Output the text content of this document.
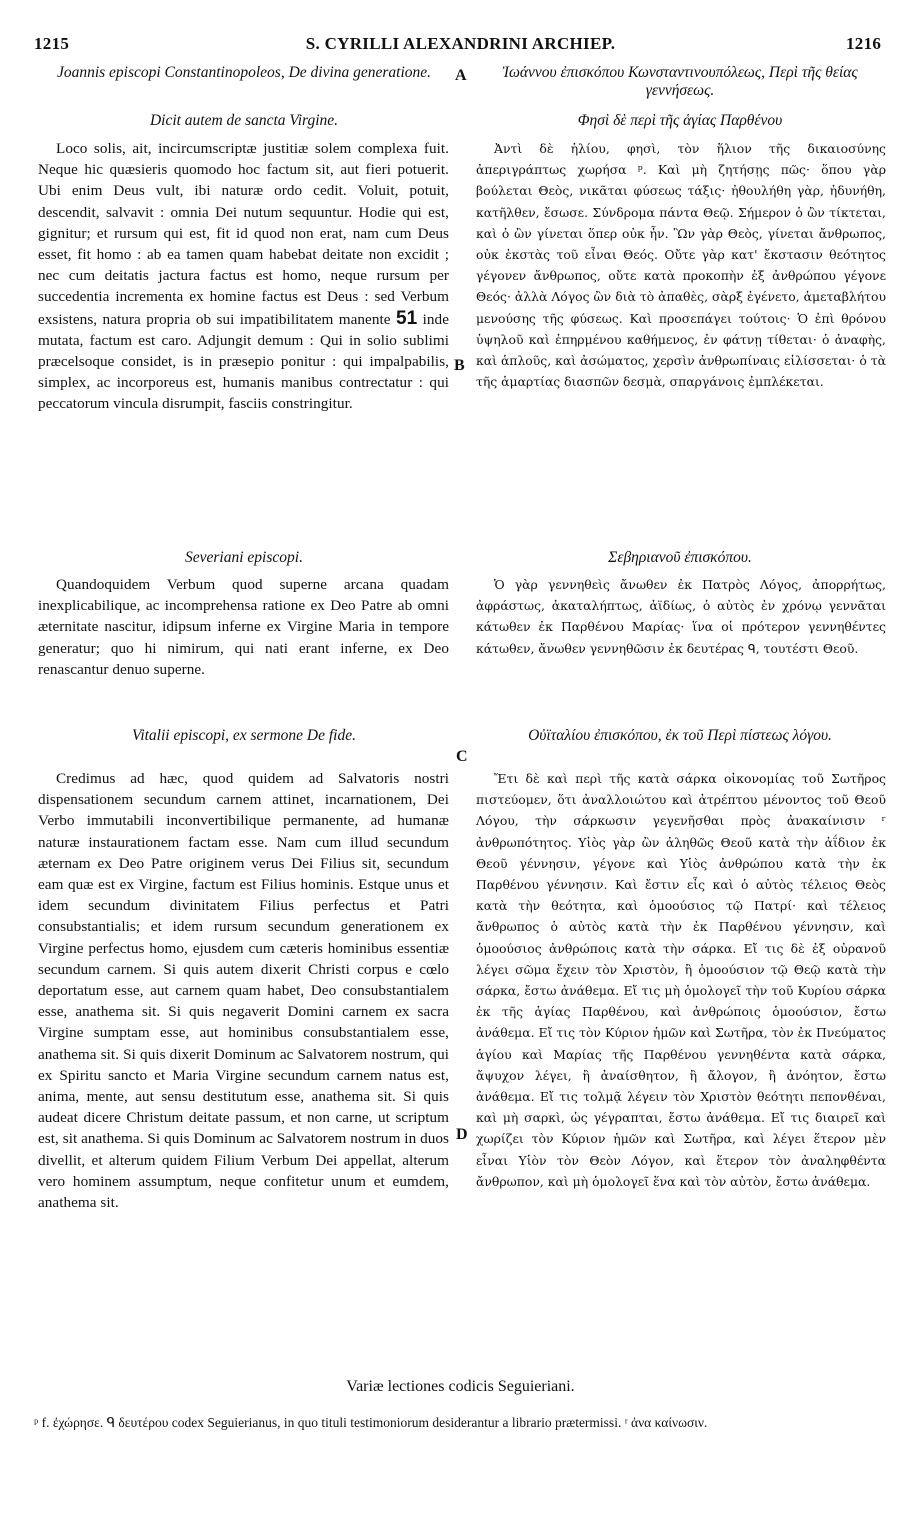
1215	S. CYRILLI ALEXANDRINI ARCHIEP.	1216
A
B
C
D
Joannis episcopi Constantinopoleos, De divina generatione.
Dicit autem de sancta Virgine.

Loco solis, ait, incircumscriptæ justitiæ solem complexa fuit. Neque hic quæsieris quomodo hoc factum sit, aut fieri potuerit. Ubi enim Deus vult, ibi naturæ ordo cedit. Voluit, potuit, descendit, salvavit : omnia Dei nutum sequuntur. Hodie qui est, gignitur; et rursum qui est, fit id quod non erat, nam cum Deus esset, fit homo : ab ea tamen quam habebat deitate non excidit ; nec cum deitatis jactura factus est homo, neque rursum per succedentia incrementa ex homine factus est Deus : sed Verbum exsistens, natura propria ob sui impatibilitatem manente 51 inde mutata, factum est caro. Adjungit demum : Qui in solio sublimi præcelsoque considet, is in præsepio ponitur : qui impalpabilis, simplex, ac incorporeus est, humanis manibus contrectatur : qui peccatorum vincula disrumpit, fasciis constringitur.

Severiani episcopi.

Quandoquidem Verbum quod superne arcana quadam inexplicabilique, ac incomprehensa ratione ex Deo Patre ab omni æternitate nascitur, idipsum inferne ex Virgine Maria in tempore generatur; quo hi nimirum, qui nati erant inferne, ex Deo renascantur denuo superne.

Vitalii episcopi, ex sermone De fide.

Credimus ad hæc, quod quidem ad Salvatoris nostri dispensationem secundum carnem attinet, incarnationem, Dei Verbo immutabili inconvertibilique permanente, ad humanæ naturæ instaurationem factam esse. Nam cum illud secundum æternam ex Deo Patre originem verus Dei Filius sit, secundum eam quæ est ex Virgine, factum est Filius hominis. Estque unus et idem secundum divinitatem Filius perfectus et Patri consubstantialis; et idem rursum secundum generationem ex Virgine perfectus homo, ejusdem cum cæteris hominibus essentiæ secundum carnem. Si quis autem dixerit Christi corpus e cœlo deportatum esse, aut carnem quam habet, Deo consubstantialem esse, anathema sit. Si quis negaverit Domini carnem ex sacra Virgine sumptam esse, aut hominibus consubstantialem esse, anathema sit. Si quis dixerit Dominum ac Salvatorem nostrum, qui ex Spiritu sancto et Maria Virgine secundum carnem natus est, anima, mente, aut sensu destitutum esse, anathema sit. Si quis audeat dicere Christum deitate passum, et non carne, ut scriptum est, sit anathema. Si quis Dominum ac Salvatorem nostrum in duos divellit, et alterum quidem Filium Verbum Dei appellat, alterum vero hominem assumptum, neque confitetur unum et eumdem, anathema sit.

Ἰωάννου ἐπισκόπου Κωνσταντινουπόλεως, Περὶ τῆς θείας γεννήσεως.
Φησὶ δὲ περὶ τῆς ἁγίας Παρθένου

Ἀντὶ δὲ ἡλίου, φησὶ, τὸν ἥλιον τῆς δικαιοσύνης ἀπεριγράπτως χωρήσα ᵖ. Καὶ μὴ ζητήσῃς πῶς· ὅπου γὰρ βούλεται Θεὸς, νικᾶται φύσεως τάξις· ἠθουλήθη γὰρ, ἠδυνήθη, κατῆλθεν, ἔσωσε. Σύνδρομα πάντα Θεῷ. Σήμερον ὁ ὢν τίκτεται, καὶ ὁ ὢν γίνεται ὅπερ οὐκ ἦν. Ὢν γὰρ Θεὸς, γίνεται ἄνθρωπος, οὐκ ἐκστὰς τοῦ εἶναι Θεός. Οὔτε γὰρ κατ' ἔκστασιν θεότητος γέγονεν ἄνθρωπος, οὔτε κατὰ προκοπὴν ἐξ ἀνθρώπου γέγονε Θεός· ἀλλὰ Λόγος ὢν διὰ τὸ ἀπαθὲς, σὰρξ ἐγένετο, ἀμεταβλήτου μενούσης τῆς φύσεως. Καὶ προσεπάγει τούτοις· Ὁ ἐπὶ θρόνου ὑψηλοῦ καὶ ἐπηρμένου καθήμενος, ἐν φάτνῃ τίθεται· ὁ ἀναφὴς, καὶ ἁπλοῦς, καὶ ἀσώματος, χερσὶν ἀνθρωπίναις εἱλίσσεται· ὁ τὰ τῆς ἁμαρτίας διασπῶν δεσμὰ, σπαργάνοις ἐμπλέκεται.

Σεβηριανοῦ ἐπισκόπου.

Ὁ γὰρ γεννηθεὶς ἄνωθεν ἐκ Πατρὸς Λόγος, ἀπορρήτως, ἀφράστως, ἀκαταλήπτως, ἀϊδίως, ὁ αὐτὸς ἐν χρόνῳ γεννᾶται κάτωθεν ἐκ Παρθένου Μαρίας· ἵνα οἱ πρότερον γεννηθέντες κάτωθεν, ἄνωθεν γεννηθῶσιν ἐκ δευτέρας ᑫ, τουτέστι Θεοῦ.

Οὐϊταλίου ἐπισκόπου, ἐκ τοῦ Περὶ πίστεως λόγου.

Ἔτι δὲ καὶ περὶ τῆς κατὰ σάρκα οἰκονομίας τοῦ Σωτῆρος πιστεύομεν, ὅτι ἀναλλοιώτου καὶ ἀτρέπτου μένοντος τοῦ Θεοῦ Λόγου, τὴν σάρκωσιν γεγενῆσθαι πρὸς ἀνακαίνισιν ʳ ἀνθρωπότητος. Υἱὸς γὰρ ὢν ἀληθῶς Θεοῦ κατὰ τὴν ἀΐδιον ἐκ Θεοῦ γέννησιν, γέγονε καὶ Υἱὸς ἀνθρώπου κατὰ τὴν ἐκ Παρθένου γέννησιν. Καὶ ἔστιν εἷς καὶ ὁ αὐτὸς τέλειος Θεὸς κατὰ τὴν θεότητα, καὶ ὁμοούσιος τῷ Πατρί· καὶ τέλειος ἄνθρωπος ὁ αὐτὸς κατὰ τὴν ἐκ Παρθένου γέννησιν, καὶ ὁμοούσιος ἀνθρώποις κατὰ τὴν σάρκα. Εἴ τις δὲ ἐξ οὐρανοῦ λέγει σῶμα ἔχειν τὸν Χριστὸν, ἢ ὁμοούσιον τῷ Θεῷ κατὰ τὴν σάρκα, ἔστω ἀνάθεμα. Εἴ τις μὴ ὁμολογεῖ τὴν τοῦ Κυρίου σάρκα ἐκ τῆς ἁγίας Παρθένου, καὶ ἀνθρώποις ὁμοούσιον, ἔστω ἀνάθεμα. Εἴ τις τὸν Κύριον ἡμῶν καὶ Σωτῆρα, τὸν ἐκ Πνεύματος ἁγίου καὶ Μαρίας τῆς Παρθένου γεννηθέντα κατὰ σάρκα, ἄψυχον λέγει, ἢ ἀναίσθητον, ἢ ἄλογον, ἢ ἀνόητον, ἔστω ἀνάθεμα. Εἴ τις τολμᾷ λέγειν τὸν Χριστὸν θεότητι πεπονθέναι, καὶ μὴ σαρκὶ, ὡς γέγραπται, ἔστω ἀνάθεμα. Εἴ τις διαιρεῖ καὶ χωρίζει τὸν Κύριον ἡμῶν καὶ Σωτῆρα, καὶ λέγει ἕτερον μὲν εἶναι Υἱὸν τὸν Θεὸν Λόγον, καὶ ἕτερον τὸν ἀναληφθέντα ἄνθρωπον, καὶ μὴ ὁμολογεῖ ἕνα καὶ τὸν αὐτὸν, ἔστω ἀνάθεμα.

Variæ lectiones codicis Seguieriani.
ᵖ f. ἐχώρησε. ᑫ δευτέρου codex Seguierianus, in quo tituli testimoniorum desiderantur a librario prætermissi. ʳ ἀνα καίνωσιν.
